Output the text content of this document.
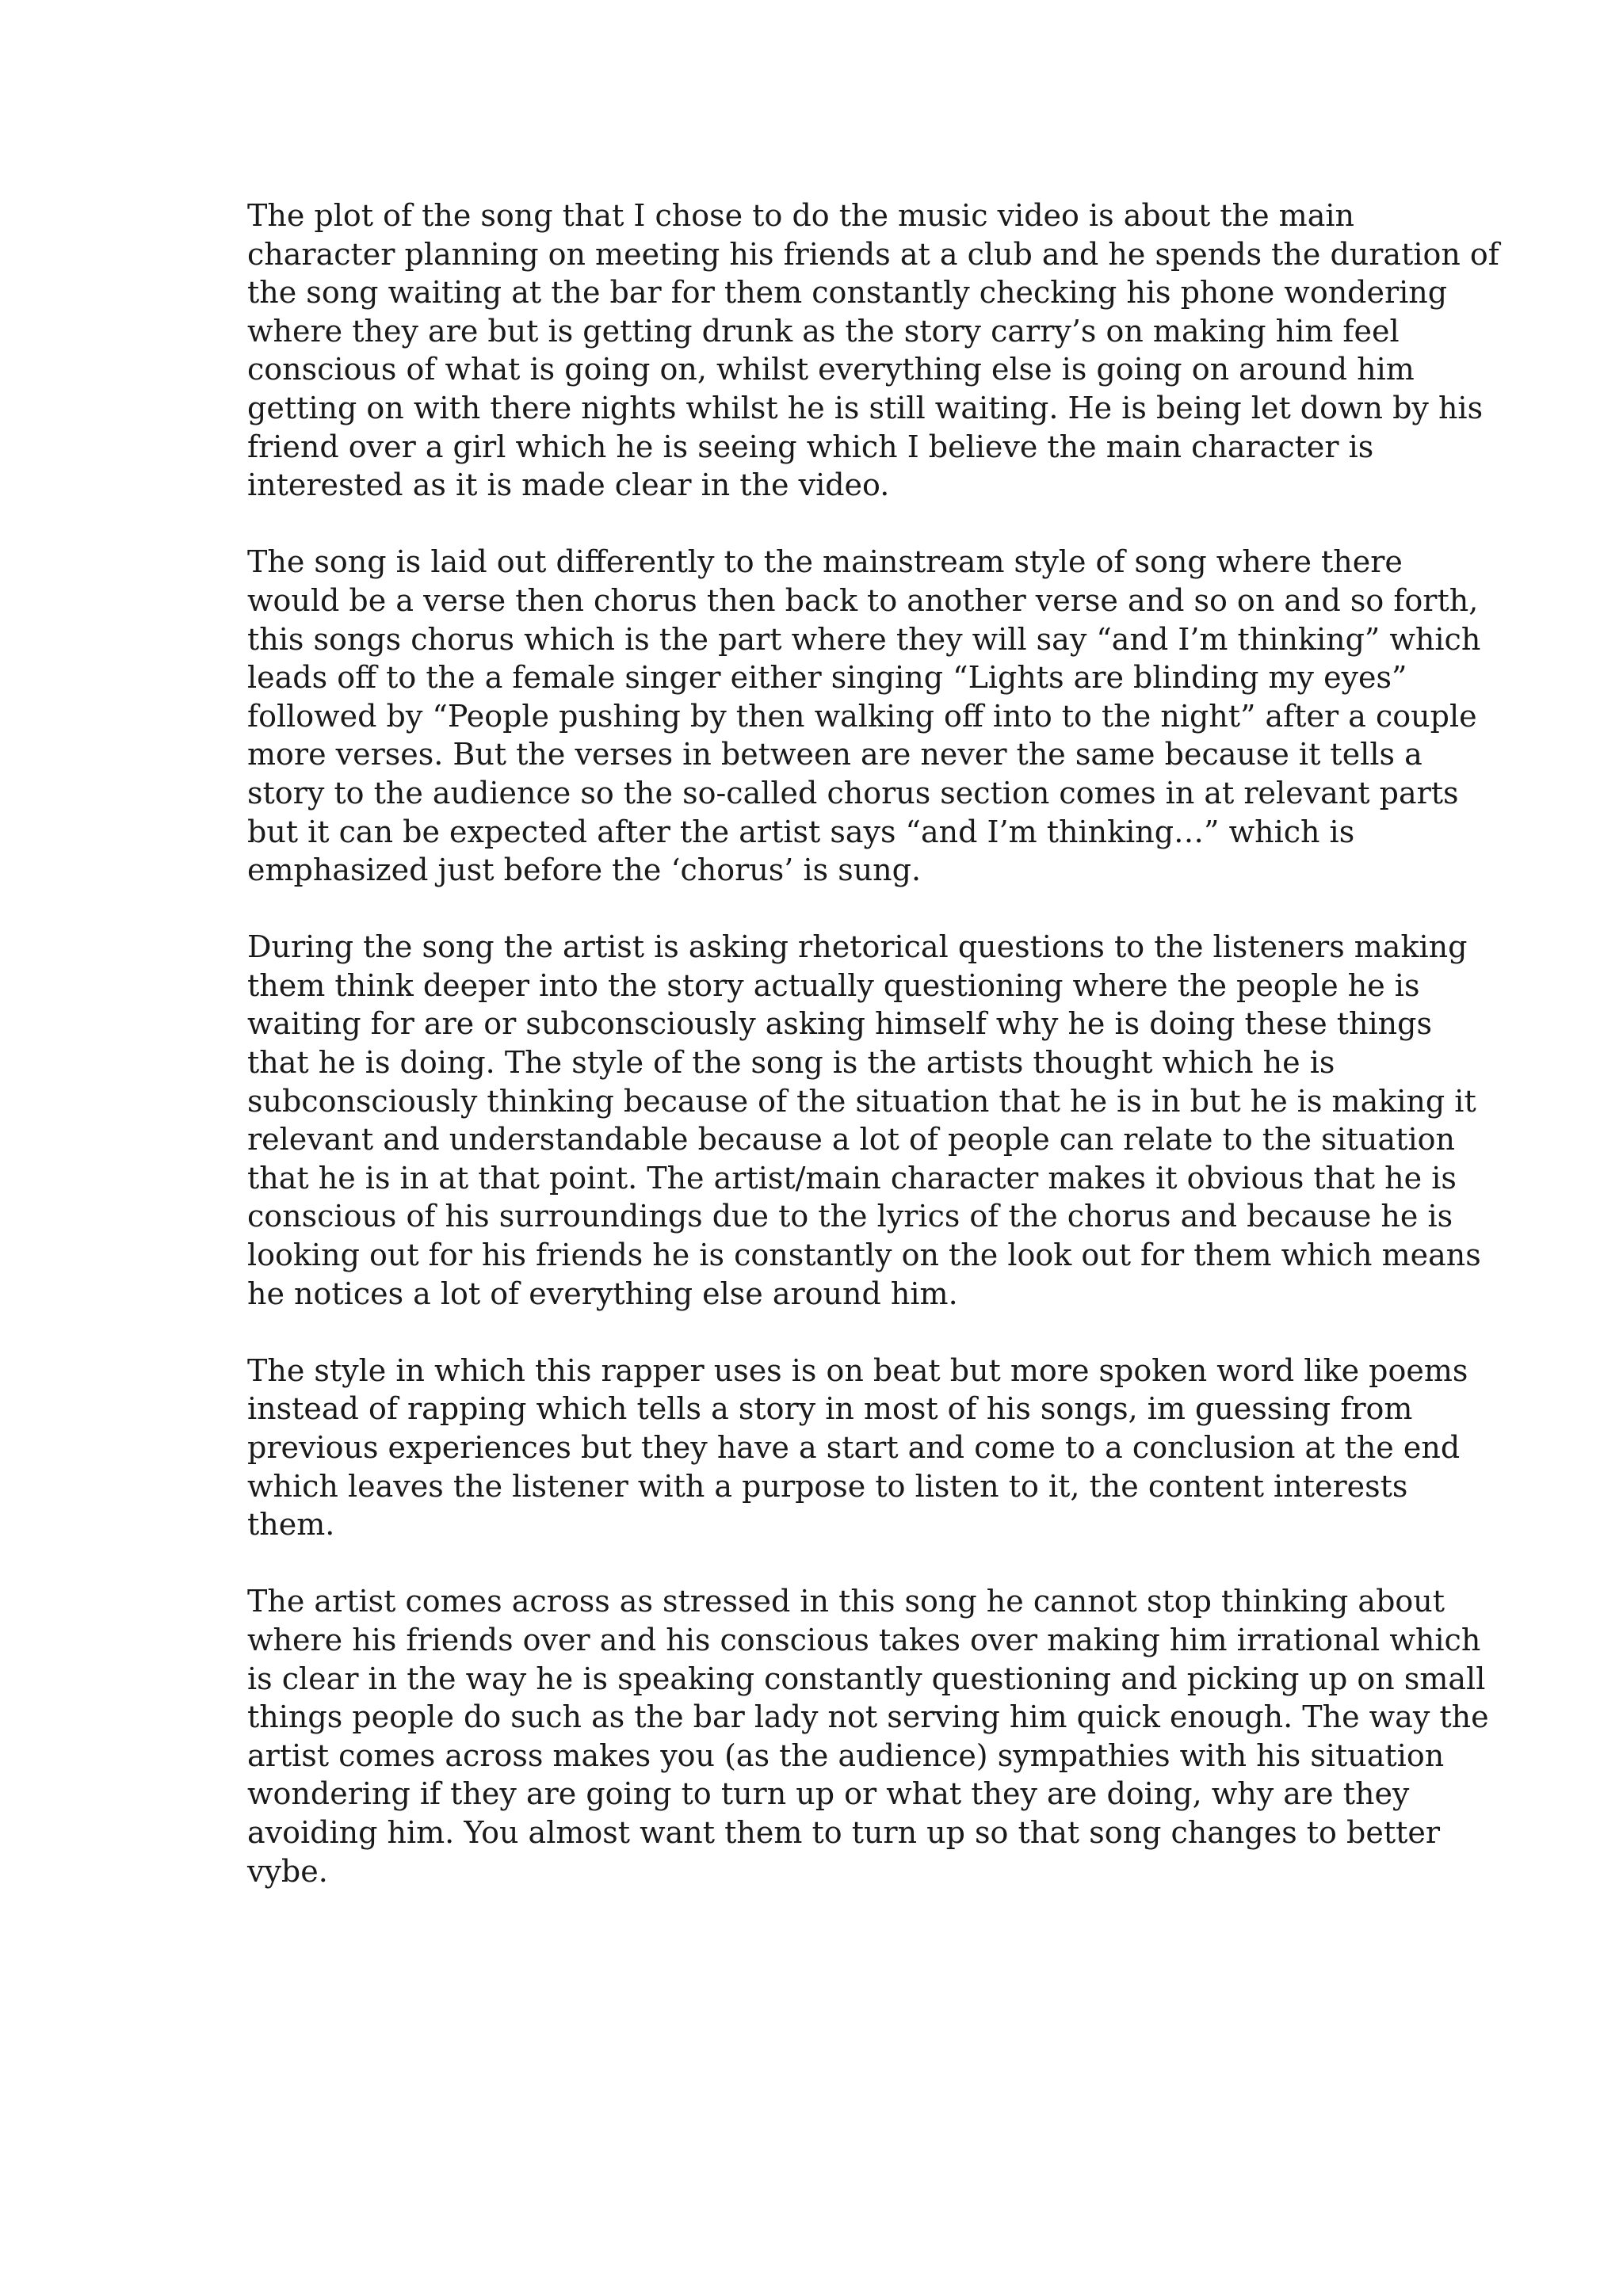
The plot of the song that I chose to do the music video is about the main
character planning on meeting his friends at a club and he spends the duration of
the song waiting at the bar for them constantly checking his phone wondering
where they are but is getting drunk as the story carry’s on making him feel
conscious of what is going on, whilst everything else is going on around him
getting on with there nights whilst he is still waiting. He is being let down by his
friend over a girl which he is seeing which I believe the main character is
interested as it is made clear in the video.

The song is laid out differently to the mainstream style of song where there
would be a verse then chorus then back to another verse and so on and so forth,
this songs chorus which is the part where they will say “and I’m thinking” which
leads off to the a female singer either singing “Lights are blinding my eyes”
followed by “People pushing by then walking off into to the night” after a couple
more verses. But the verses in between are never the same because it tells a
story to the audience so the so-called chorus section comes in at relevant parts
but it can be expected after the artist says “and I’m thinking…” which is
emphasized just before the ‘chorus’ is sung.

During the song the artist is asking rhetorical questions to the listeners making
them think deeper into the story actually questioning where the people he is
waiting for are or subconsciously asking himself why he is doing these things
that he is doing. The style of the song is the artists thought which he is
subconsciously thinking because of the situation that he is in but he is making it
relevant and understandable because a lot of people can relate to the situation
that he is in at that point. The artist/main character makes it obvious that he is
conscious of his surroundings due to the lyrics of the chorus and because he is
looking out for his friends he is constantly on the look out for them which means
he notices a lot of everything else around him.

The style in which this rapper uses is on beat but more spoken word like poems
instead of rapping which tells a story in most of his songs, im guessing from
previous experiences but they have a start and come to a conclusion at the end
which leaves the listener with a purpose to listen to it, the content interests
them.

The artist comes across as stressed in this song he cannot stop thinking about
where his friends over and his conscious takes over making him irrational which
is clear in the way he is speaking constantly questioning and picking up on small
things people do such as the bar lady not serving him quick enough. The way the
artist comes across makes you (as the audience) sympathies with his situation
wondering if they are going to turn up or what they are doing, why are they
avoiding him. You almost want them to turn up so that song changes to better
vybe.
